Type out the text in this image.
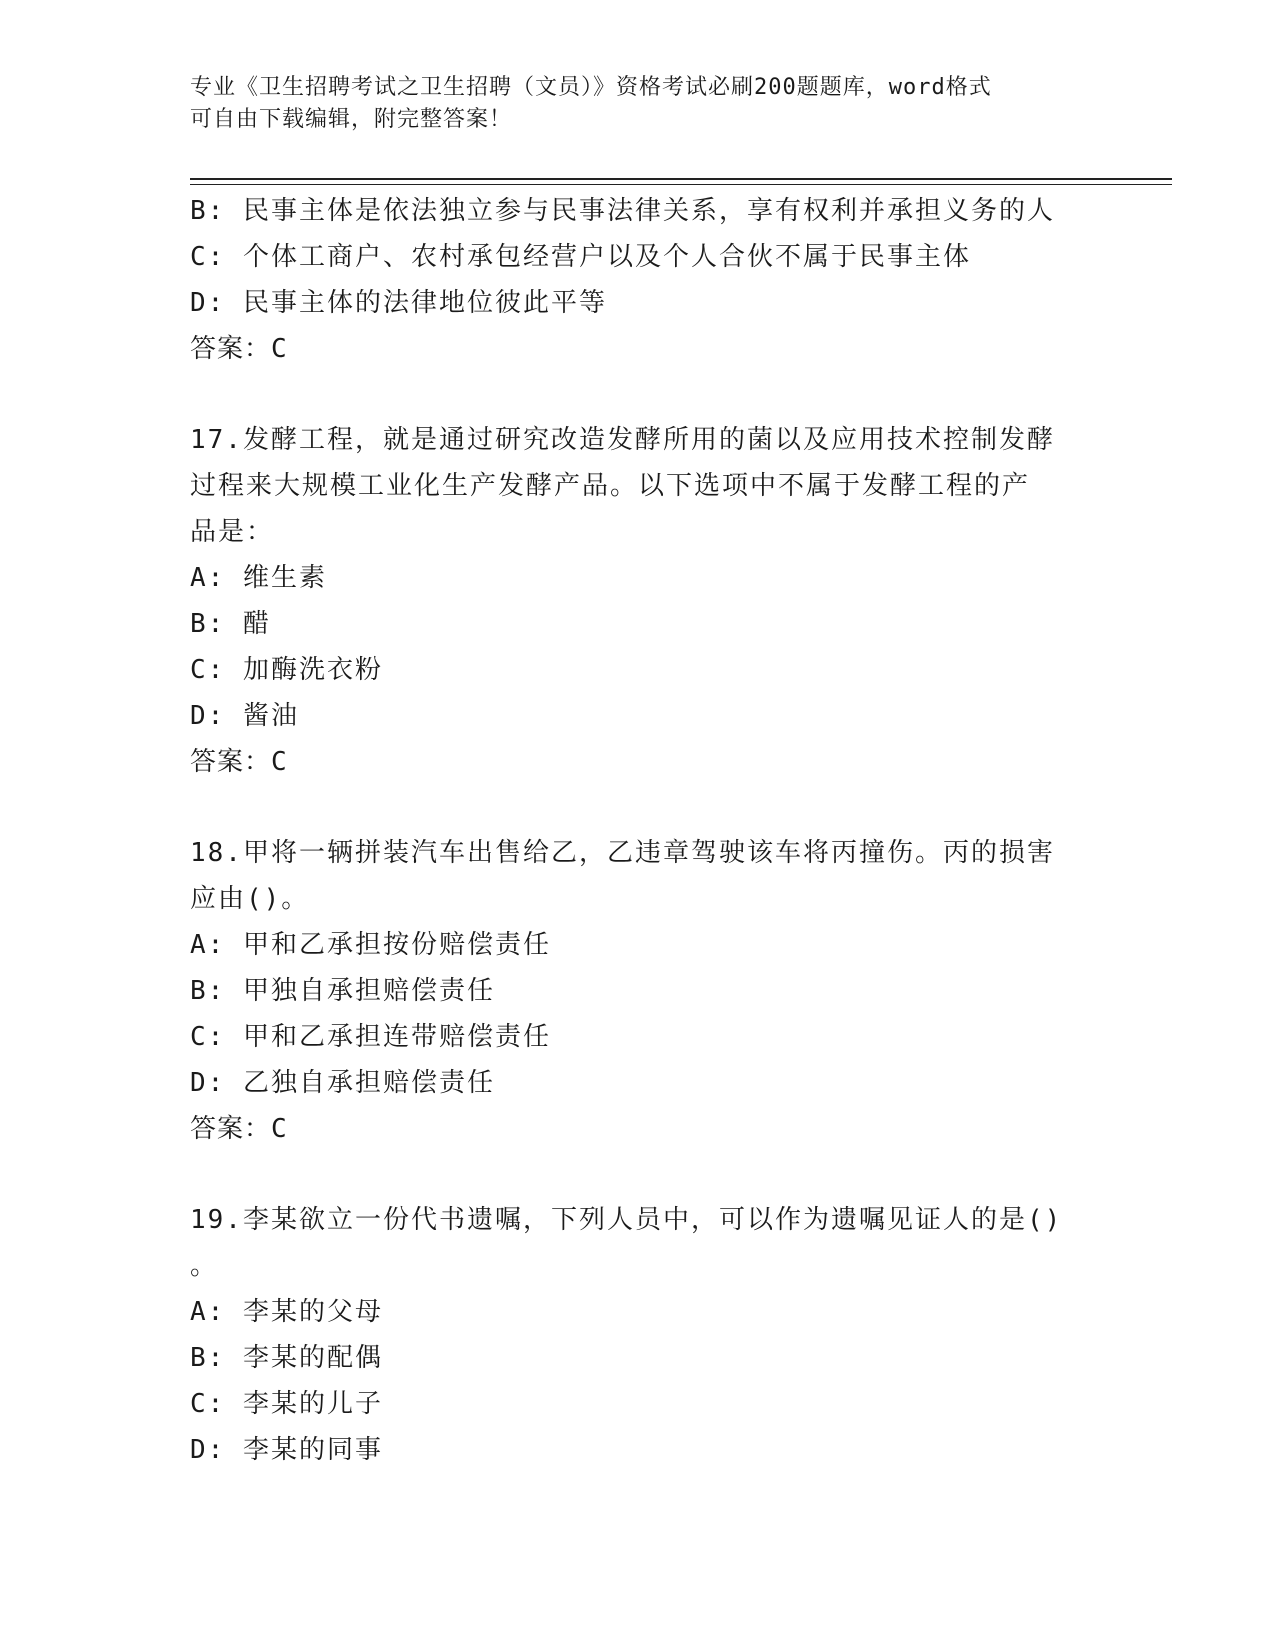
专业《卫生招聘考试之卫生招聘（文员）》资格考试必刷200题题库，word格式
可自由下载编辑，附完整答案！
B: 民事主体是依法独立参与民事法律关系，享有权利并承担义务的人
C: 个体工商户、农村承包经营户以及个人合伙不属于民事主体
D: 民事主体的法律地位彼此平等
答案：C
17.发酵工程，就是通过研究改造发酵所用的菌以及应用技术控制发酵
过程来大规模工业化生产发酵产品。以下选项中不属于发酵工程的产
品是：
A: 维生素
B: 醋
C: 加酶洗衣粉
D: 酱油
答案：C
18.甲将一辆拼装汽车出售给乙，乙违章驾驶该车将丙撞伤。丙的损害
应由()。
A: 甲和乙承担按份赔偿责任
B: 甲独自承担赔偿责任
C: 甲和乙承担连带赔偿责任
D: 乙独自承担赔偿责任
答案：C
19.李某欲立一份代书遗嘱，下列人员中，可以作为遗嘱见证人的是()
。
A: 李某的父母
B: 李某的配偶
C: 李某的儿子
D: 李某的同事
